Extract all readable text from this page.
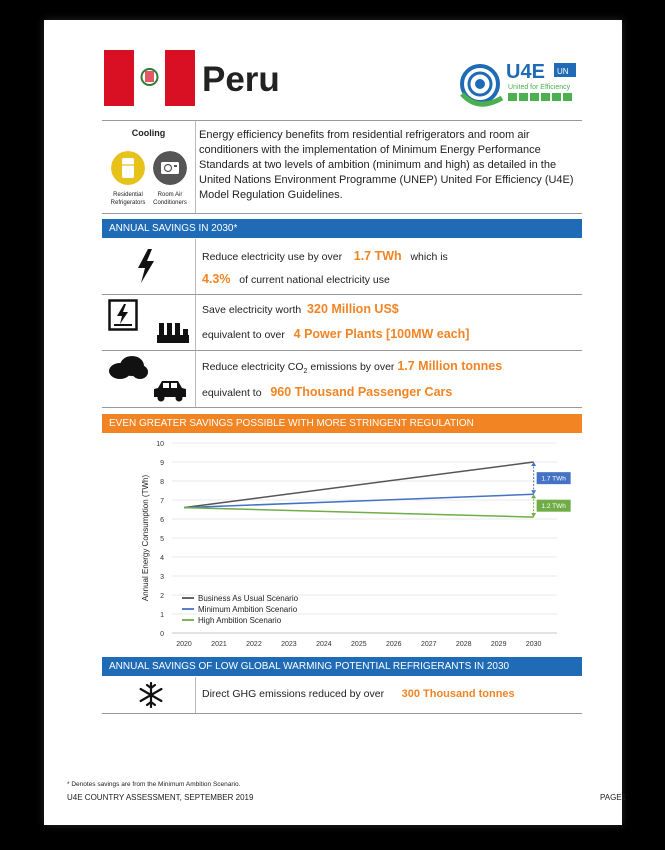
Peru	U4E UN
United for Efficiency
Cooling
Residential
Refrigerators
Room Air
Conditioners
Energy efficiency benefits from residential refrigerators and room air conditioners with the implementation of Minimum Energy Performance Standards at two levels of ambition (minimum and high) as detailed in the United Nations Environment Programme (UNEP) United For Efficiency (U4E) Model Regulation Guidelines.
ANNUAL SAVINGS IN 2030*
Reduce electricity use by over 1.7 TWh which is
4.3% of current national electricity use
Save electricity worth 320 Million US$
equivalent to over 4 Power Plants [100MW each]
Reduce electricity $CO_2$ emissions by over 1.7 Million tonnes
equivalent to 960 Thousand Passenger Cars
EVEN GREATER SAVINGS POSSIBLE WITH MORE STRINGENT REGULATION
0
1
2
3
4
5
6
7
8
9
10
2020	2021	2022	2023	2024	2025	2026	2027	2028	2029	2030
Annual Energy Consumption (TWh)	1.7 TWh
1.2 TWh
Business As Usual Scenario
Minimum Ambition Scenario
High Ambition Scenario
ANNUAL SAVINGS OF LOW GLOBAL WARMING POTENTIAL REFRIGERANTS IN 2030
Direct GHG emissions reduced by over 300 Thousand tonnes
* Denotes savings are from the Minimum Ambition Scenario.
U4E COUNTRY ASSESSMENT, SEPTEMBER 2019	PAGE1
